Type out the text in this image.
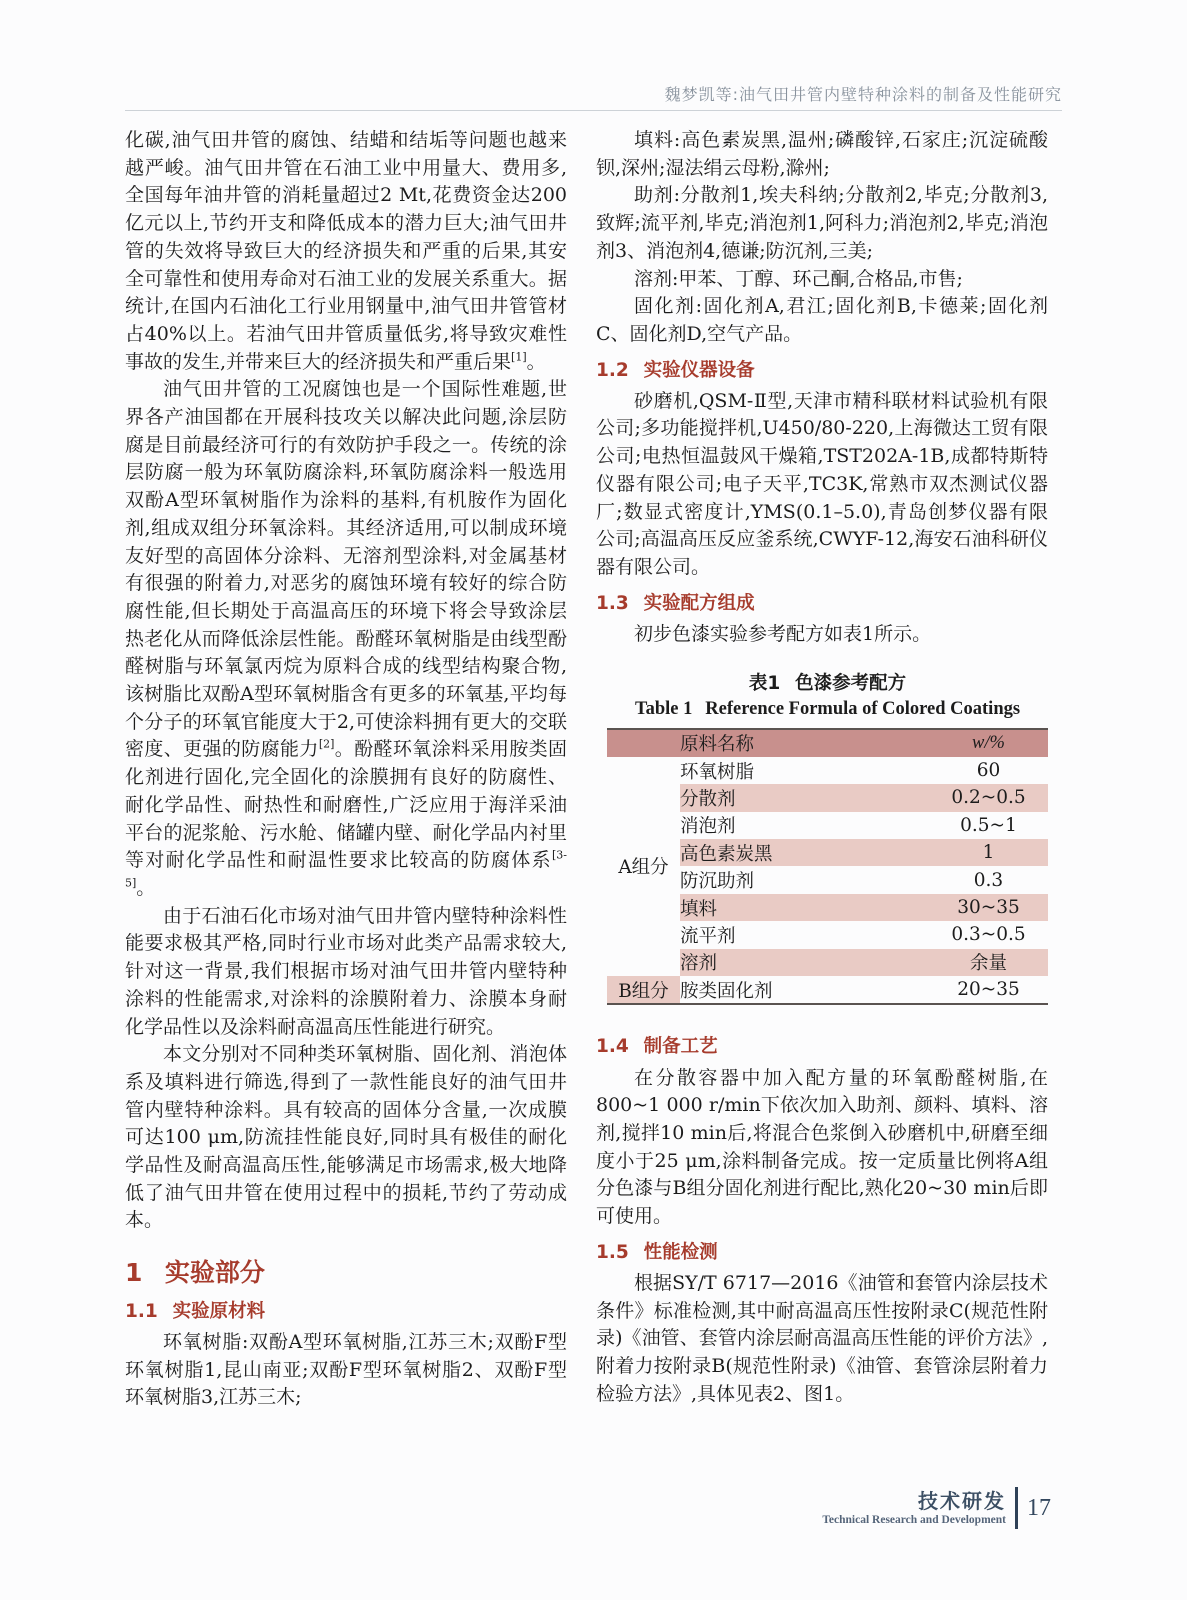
魏梦凯等:油气田井管内壁特种涂料的制备及性能研究

化碳,油气田井管的腐蚀、结蜡和结垢等问题也越来越严峻。油气田井管在石油工业中用量大、费用多,全国每年油井管的消耗量超过2 Mt,花费资金达200亿元以上,节约开支和降低成本的潜力巨大;油气田井管的失效将导致巨大的经济损失和严重的后果,其安全可靠性和使用寿命对石油工业的发展关系重大。据统计,在国内石油化工行业用钢量中,油气田井管管材占40%以上。若油气田井管质量低劣,将导致灾难性事故的发生,并带来巨大的经济损失和严重后果[1]。

油气田井管的工况腐蚀也是一个国际性难题,世界各产油国都在开展科技攻关以解决此问题,涂层防腐是目前最经济可行的有效防护手段之一。传统的涂层防腐一般为环氧防腐涂料,环氧防腐涂料一般选用双酚A型环氧树脂作为涂料的基料,有机胺作为固化剂,组成双组分环氧涂料。其经济适用,可以制成环境友好型的高固体分涂料、无溶剂型涂料,对金属基材有很强的附着力,对恶劣的腐蚀环境有较好的综合防腐性能,但长期处于高温高压的环境下将会导致涂层热老化从而降低涂层性能。酚醛环氧树脂是由线型酚醛树脂与环氧氯丙烷为原料合成的线型结构聚合物,该树脂比双酚A型环氧树脂含有更多的环氧基,平均每个分子的环氧官能度大于2,可使涂料拥有更大的交联密度、更强的防腐能力[2]。酚醛环氧涂料采用胺类固化剂进行固化,完全固化的涂膜拥有良好的防腐性、耐化学品性、耐热性和耐磨性,广泛应用于海洋采油平台的泥浆舱、污水舱、储罐内壁、耐化学品内衬里等对耐化学品性和耐温性要求比较高的防腐体系[3-5]。

由于石油石化市场对油气田井管内壁特种涂料性能要求极其严格,同时行业市场对此类产品需求较大,针对这一背景,我们根据市场对油气田井管内壁特种涂料的性能需求,对涂料的涂膜附着力、涂膜本身耐化学品性以及涂料耐高温高压性能进行研究。

本文分别对不同种类环氧树脂、固化剂、消泡体系及填料进行筛选,得到了一款性能良好的油气田井管内壁特种涂料。具有较高的固体分含量,一次成膜可达100 μm,防流挂性能良好,同时具有极佳的耐化学品性及耐高温高压性,能够满足市场需求,极大地降低了油气田井管在使用过程中的损耗,节约了劳动成本。

1 实验部分
1.1 实验原材料

环氧树脂:双酚A型环氧树脂,江苏三木;双酚F型环氧树脂1,昆山南亚;双酚F型环氧树脂2、双酚F型环氧树脂3,江苏三木;

填料:高色素炭黑,温州;磷酸锌,石家庄;沉淀硫酸钡,深州;湿法绢云母粉,滁州;

助剂:分散剂1,埃夫科纳;分散剂2,毕克;分散剂3,致辉;流平剂,毕克;消泡剂1,阿科力;消泡剂2,毕克;消泡剂3、消泡剂4,德谦;防沉剂,三美;

溶剂:甲苯、丁醇、环己酮,合格品,市售;

固化剂:固化剂A,君江;固化剂B,卡德莱;固化剂C、固化剂D,空气产品。

1.2 实验仪器设备

砂磨机,QSM-Ⅱ型,天津市精科联材料试验机有限公司;多功能搅拌机,U450/80-220,上海微达工贸有限公司;电热恒温鼓风干燥箱,TST202A-1B,成都特斯特仪器有限公司;电子天平,TC3K,常熟市双杰测试仪器厂;数显式密度计,YMS(0.1–5.0),青岛创梦仪器有限公司;高温高压反应釜系统,CWYF-12,海安石油科研仪器有限公司。

1.3 实验配方组成

初步色漆实验参考配方如表1所示。

表1 色漆参考配方
Table 1 Reference Formula of Colored Coatings
	原料名称	w/%
A组分	环氧树脂	60
	分散剂	0.2~0.5
	消泡剂	0.5~1
	高色素炭黑	1
	防沉助剂	0.3
	填料	30~35
	流平剂	0.3~0.5
	溶剂	余量
B组分	胺类固化剂	20~35
1.4 制备工艺

在分散容器中加入配方量的环氧酚醛树脂,在800~1 000 r/min下依次加入助剂、颜料、填料、溶剂,搅拌10 min后,将混合色浆倒入砂磨机中,研磨至细度小于25 μm,涂料制备完成。按一定质量比例将A组分色漆与B组分固化剂进行配比,熟化20~30 min后即可使用。

1.5 性能检测

根据SY/T 6717—2016《油管和套管内涂层技术条件》标准检测,其中耐高温高压性按附录C(规范性附录)《油管、套管内涂层耐高温高压性能的评价方法》,附着力按附录B(规范性附录)《油管、套管涂层附着力检验方法》,具体见表2、图1。

技术研发
Technical Research and Development 17
